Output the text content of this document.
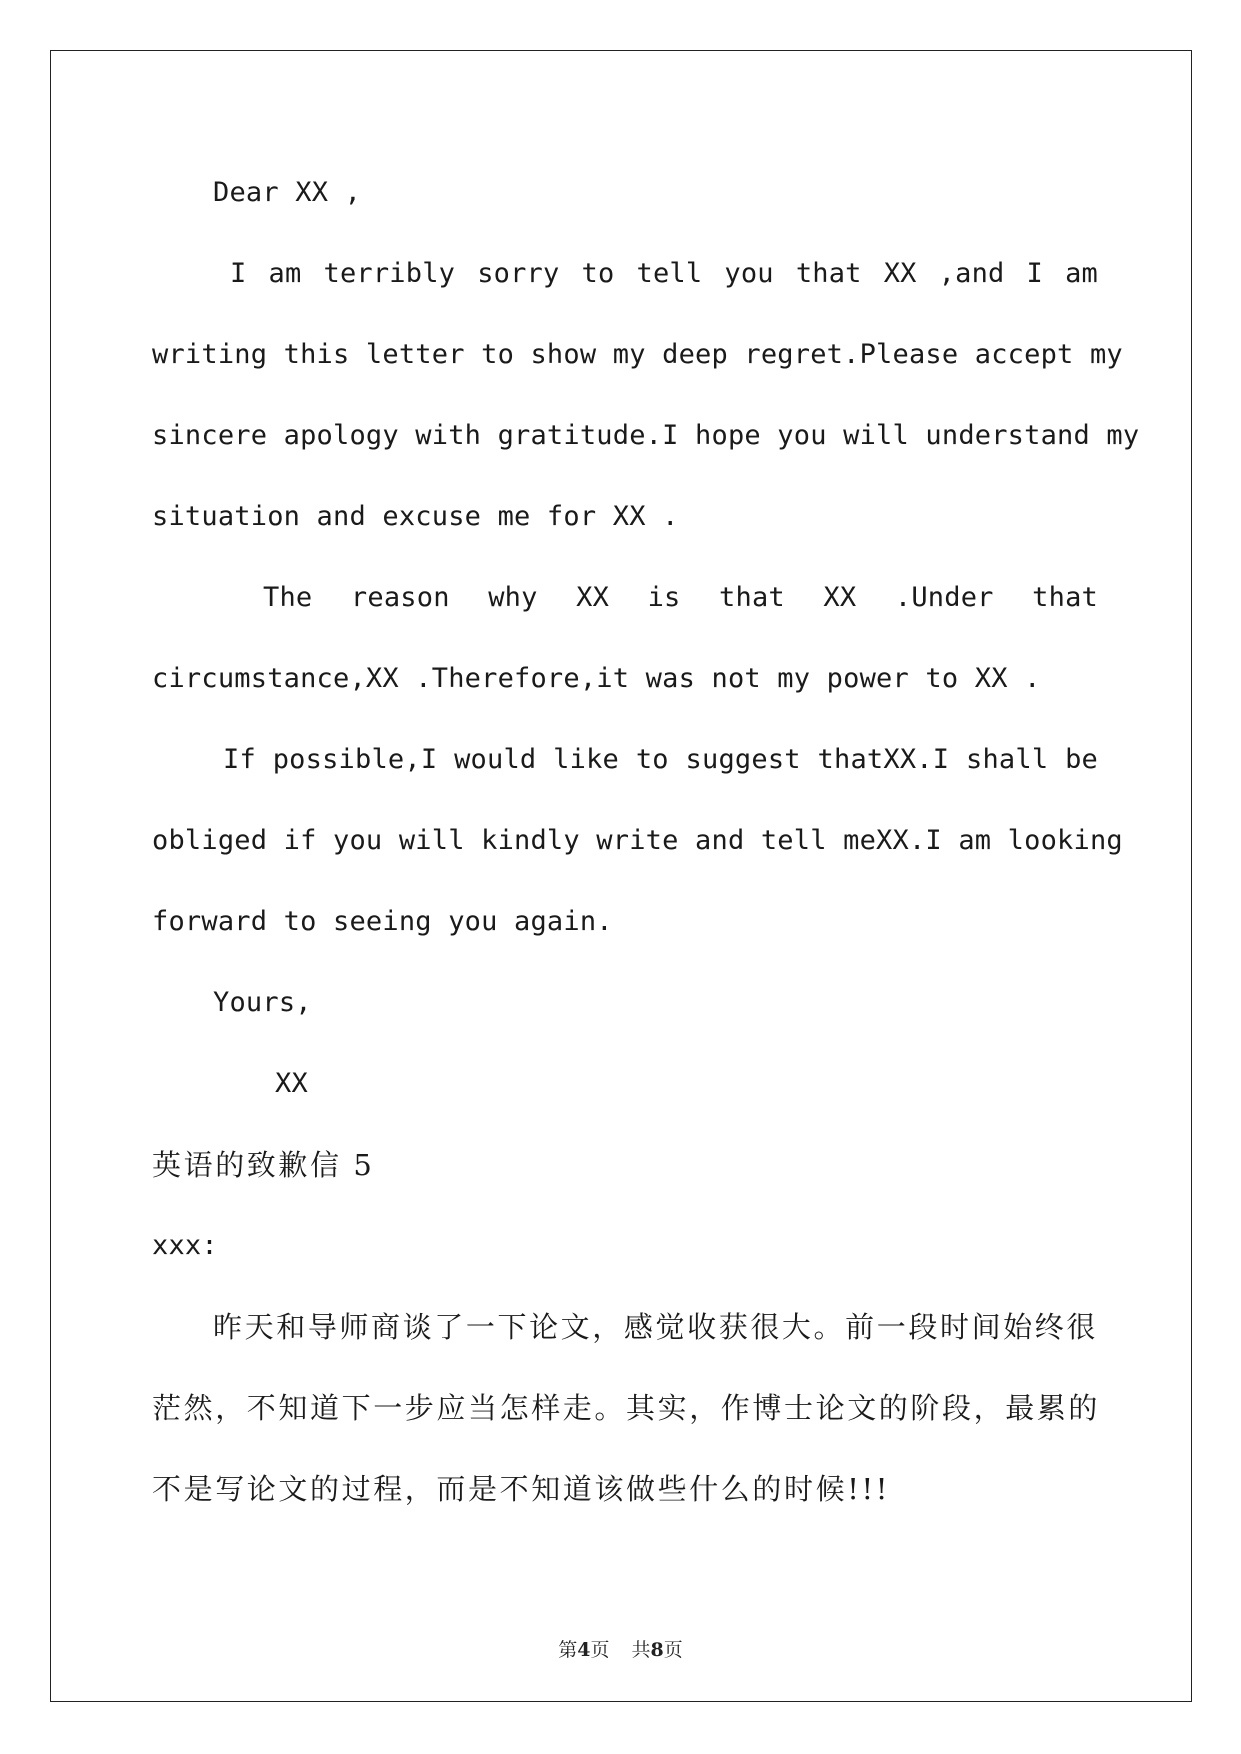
Dear XX ,
I am terribly sorry to tell you that XX ,and I am
writing this letter to show my deep regret.Please accept my
sincere apology with gratitude.I hope you will understand my
situation and excuse me for XX .
The reason why XX is that XX .Under that
circumstance,XX .Therefore,it was not my power to XX .
If possible,I would like to suggest thatXX.I shall be
obliged if you will kindly write and tell meXX.I am looking
forward to seeing you again.
Yours,
XX
英语的致歉信 5
xxx:
昨天和导师商谈了一下论文，感觉收获很大。前一段时间始终很
茫然，不知道下一步应当怎样走。其实，作博士论文的阶段，最累的
不是写论文的过程，而是不知道该做些什么的时候!!!
第4页 共8页
